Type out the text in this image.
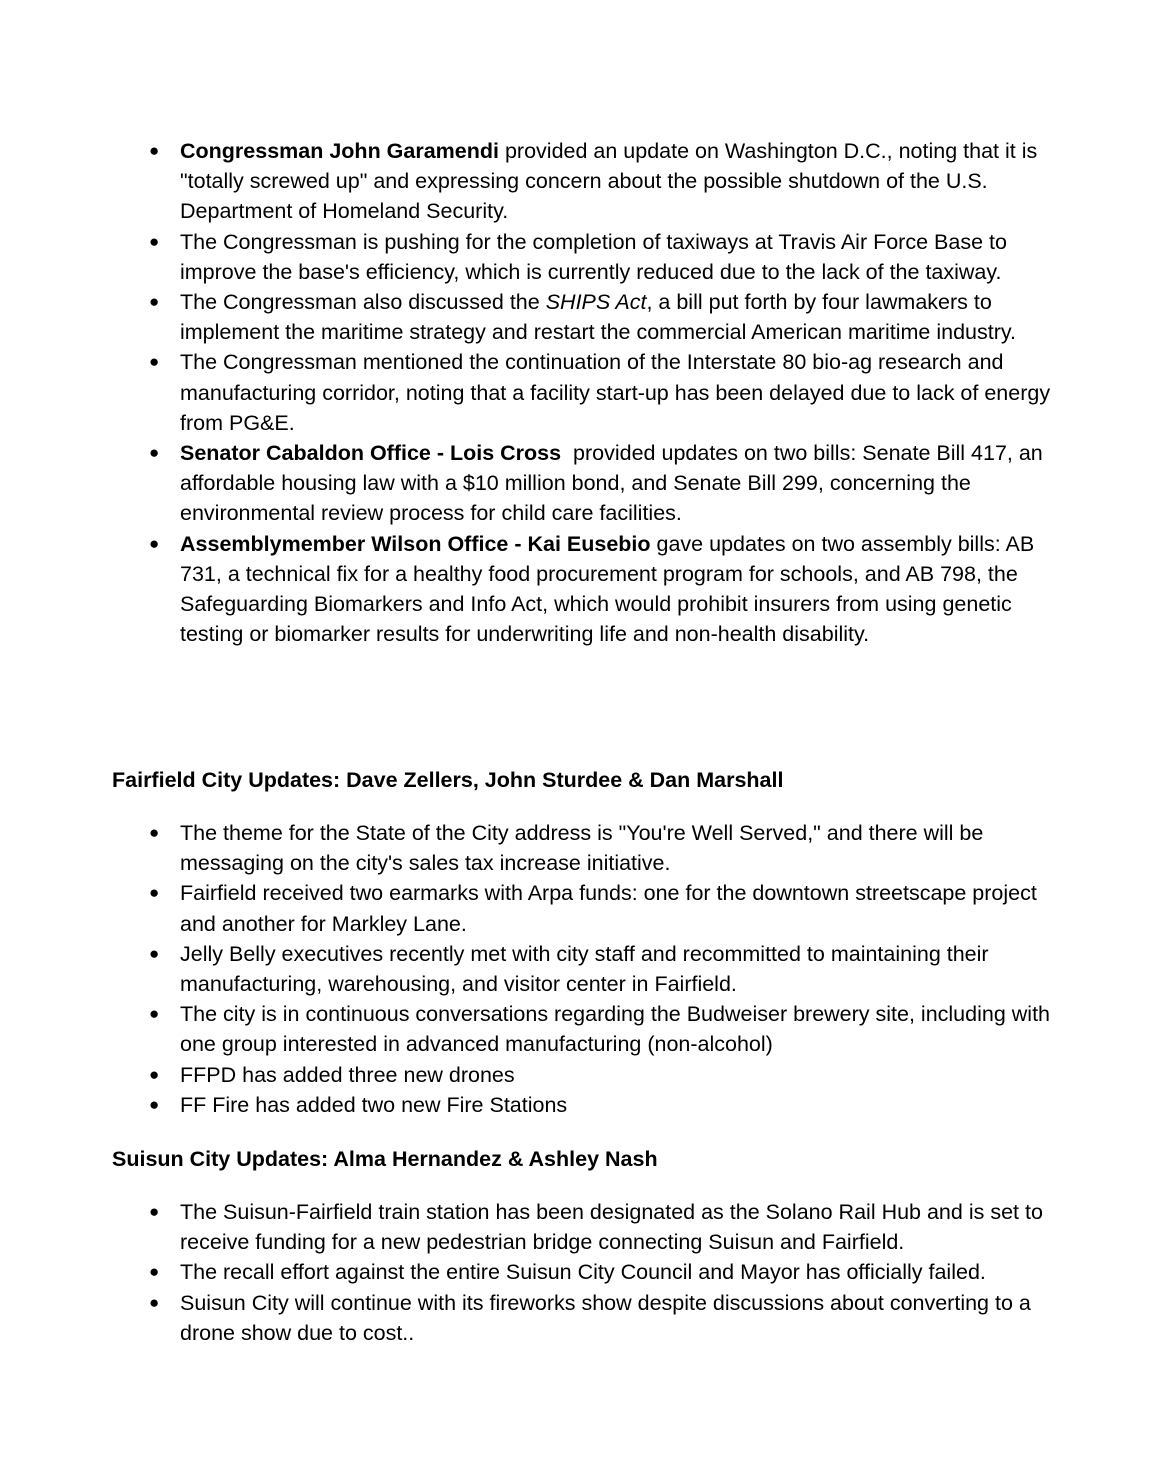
● Congressman John Garamendi provided an update on Washington D.C., noting that it is "totally screwed up" and expressing concern about the possible shutdown of the U.S. Department of Homeland Security.
● The Congressman is pushing for the completion of taxiways at Travis Air Force Base to improve the base's efficiency, which is currently reduced due to the lack of the taxiway.
● The Congressman also discussed the SHIPS Act, a bill put forth by four lawmakers to implement the maritime strategy and restart the commercial American maritime industry.
● The Congressman mentioned the continuation of the Interstate 80 bio-ag research and manufacturing corridor, noting that a facility start-up has been delayed due to lack of energy from PG&E.
● Senator Cabaldon Office - Lois Cross  provided updates on two bills: Senate Bill 417, an affordable housing law with a $10 million bond, and Senate Bill 299, concerning the environmental review process for child care facilities.
● Assemblymember Wilson Office - Kai Eusebio gave updates on two assembly bills: AB 731, a technical fix for a healthy food procurement program for schools, and AB 798, the Safeguarding Biomarkers and Info Act, which would prohibit insurers from using genetic testing or biomarker results for underwriting life and non-health disability.
Fairfield City Updates: Dave Zellers, John Sturdee & Dan Marshall
● The theme for the State of the City address is "You're Well Served," and there will be messaging on the city's sales tax increase initiative.
● Fairfield received two earmarks with Arpa funds: one for the downtown streetscape project and another for Markley Lane.
● Jelly Belly executives recently met with city staff and recommitted to maintaining their manufacturing, warehousing, and visitor center in Fairfield.
● The city is in continuous conversations regarding the Budweiser brewery site, including with one group interested in advanced manufacturing (non-alcohol)
● FFPD has added three new drones
● FF Fire has added two new Fire Stations
Suisun City Updates: Alma Hernandez & Ashley Nash
● The Suisun-Fairfield train station has been designated as the Solano Rail Hub and is set to receive funding for a new pedestrian bridge connecting Suisun and Fairfield.
● The recall effort against the entire Suisun City Council and Mayor has officially failed.
● Suisun City will continue with its fireworks show despite discussions about converting to a drone show due to cost..
